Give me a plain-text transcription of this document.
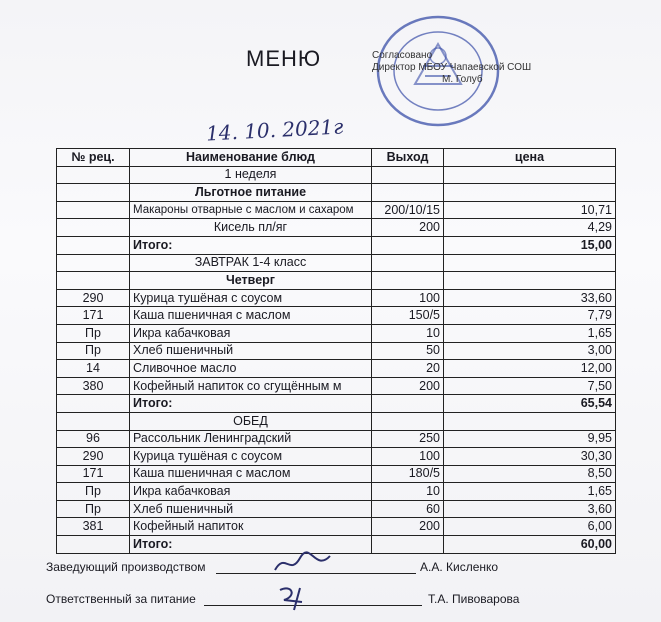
МЕНЮ	Согласовано
Директор МБОУ Чапаевской СОШ
М. Голуб
14. 10. 2021г
№ рец.	Наименование блюд	Выход	цена
	1 неделя		
	Льготное питание		
	Макароны отварные с маслом и сахаром	200/10/15	10,71
	Кисель пл/яг	200	4,29
	Итого:		15,00
	ЗАВТРАК 1-4 класс		
	Четверг		
290	Курица тушёная с соусом	100	33,60
171	Каша пшеничная с маслом	150/5	7,79
Пр	Икра кабачковая	10	1,65
Пр	Хлеб пшеничный	50	3,00
14	Сливочное масло	20	12,00
380	Кофейный напиток со сгущённым м	200	7,50
	Итого:		65,54
	ОБЕД		
96	Рассольник Ленинградский	250	9,95
290	Курица тушёная с соусом	100	30,30
171	Каша пшеничная с маслом	180/5	8,50
Пр	Икра кабачковая	10	1,65
Пр	Хлеб пшеничный	60	3,60
381	Кофейный напиток	200	6,00
	Итого:		60,00
Заведующий производством	А.А. Кисленко
Ответственный за питание	Т.А. Пивоварова
